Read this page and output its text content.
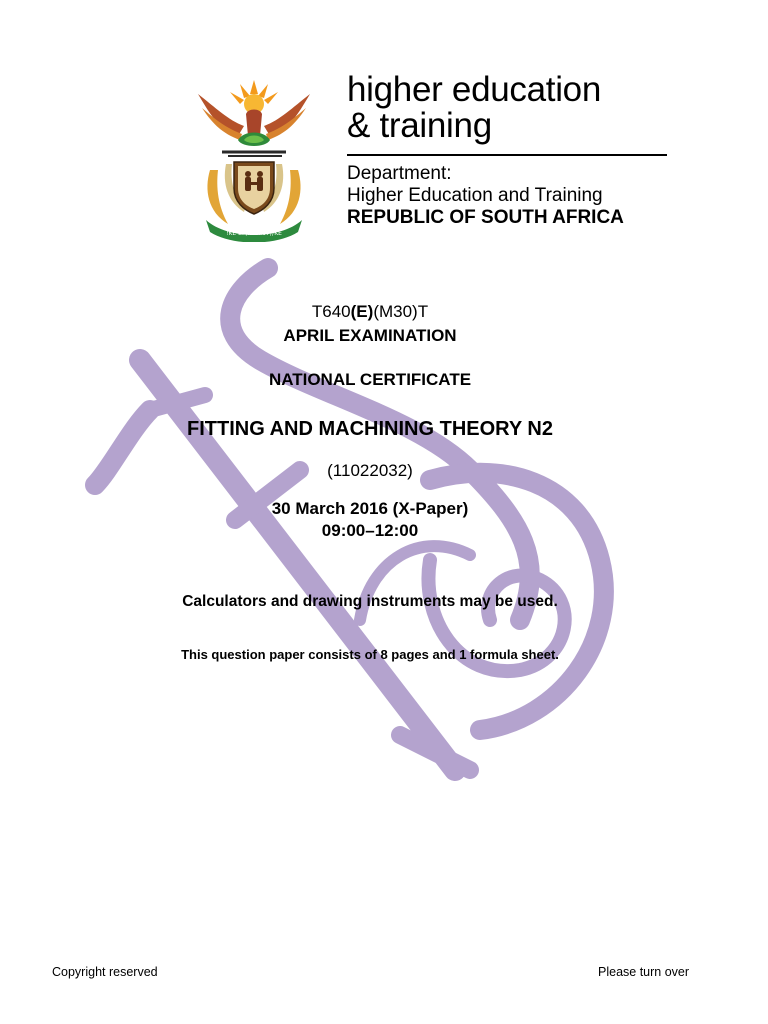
!KE E: /XARRA //KE
higher education
& training
Department:
Higher Education and Training
REPUBLIC OF SOUTH AFRICA
T640(E)(M30)T
APRIL EXAMINATION
NATIONAL CERTIFICATE
FITTING AND MACHINING THEORY N2
(11022032)
30 March 2016 (X-Paper)
09:00–12:00
Calculators and drawing instruments may be used.
This question paper consists of 8 pages and 1 formula sheet.
Copyright reserved	Please turn over
